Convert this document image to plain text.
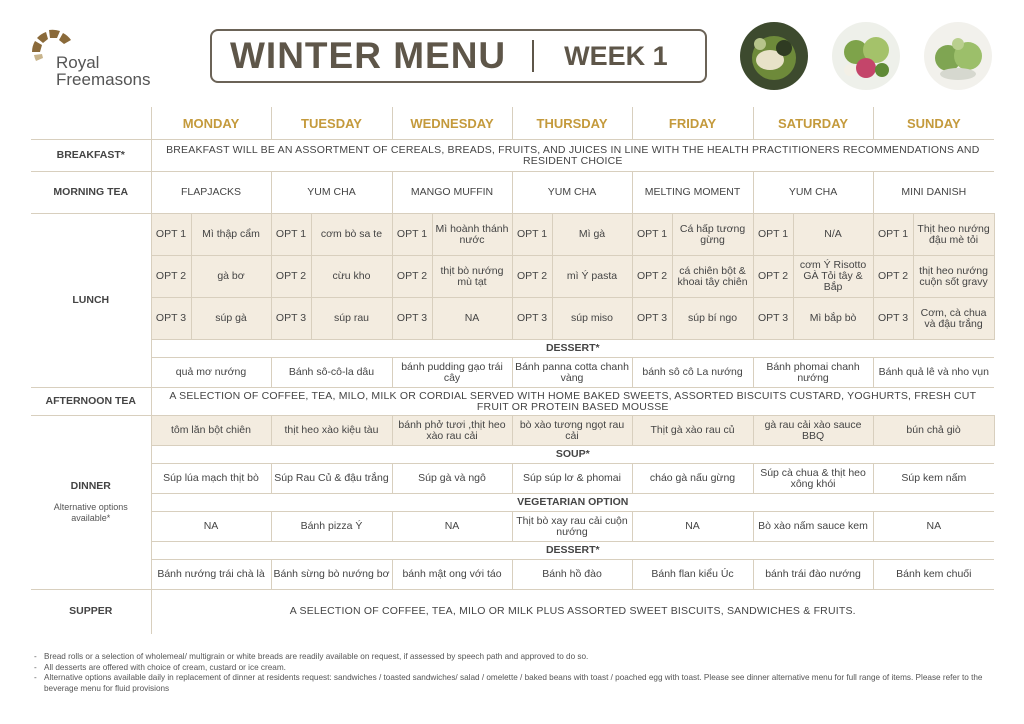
Royal
Freemasons
WINTER MENU WEEK 1
	MONDAY		TUESDAY		WEDNESDAY		THURSDAY		FRIDAY		SATURDAY		SUNDAY	
BREAKFAST*	BREAKFAST WILL BE AN ASSORTMENT OF CEREALS, BREADS, FRUITS, AND JUICES IN LINE WITH THE HEALTH PRACTITIONERS RECOMMENDATIONS AND RESIDENT CHOICE													
MORNING TEA	FLAPJACKS		YUM CHA		MANGO MUFFIN		YUM CHA		MELTING MOMENT		YUM CHA		MINI DANISH	
LUNCH	OPT 1	Mì thập cẩm	OPT 1	cơm bò sa te	OPT 1	Mì hoành thánh nước	OPT 1	Mì gà	OPT 1	Cá hấp tương gừng	OPT 1	N/A	OPT 1	Thịt heo nướng đậu mè tỏi
	OPT 2	gà bơ	OPT 2	cừu kho	OPT 2	thịt bò nướng mù tạt	OPT 2	mì Ý pasta	OPT 2	cá chiên bột & khoai tây chiên	OPT 2	cơm Ý Risotto GÀ Tỏi tây & Bắp	OPT 2	thịt heo nướng cuộn sốt gravy
	OPT 3	súp gà	OPT 3	súp rau	OPT 3	NA	OPT 3	súp miso	OPT 3	súp bí ngo	OPT 3	Mì bắp bò	OPT 3	Cơm, cà chua và đậu trắng
	DESSERT*													
	quả mơ nướng		Bánh sô-cô-la dâu		bánh pudding gạo trái cây		Bánh panna cotta chanh vàng		bánh sô cô La nướng		Bánh phomai chanh nướng		Bánh quả lê và nho vụn	
AFTERNOON TEA	A SELECTION OF COFFEE, TEA, MILO, MILK OR CORDIAL SERVED WITH HOME BAKED SWEETS, ASSORTED BISCUITS CUSTARD, YOGHURTS, FRESH CUT FRUIT OR PROTEIN BASED MOUSSE													
DINNER
Alternative options available*	tôm lăn bột chiên		thịt heo xào kiệu tàu		bánh phở tươi ,thịt heo xào rau cải		bò xào tương ngọt rau cải		Thịt gà xào rau củ		gà rau cải xào sauce BBQ		bún chả giò	
	SOUP*													
	Súp lúa mạch thịt bò		Súp Rau Củ & đậu trắng		Súp gà và ngô		Súp súp lơ & phomai		cháo gà nấu gừng		Súp cà chua & thịt heo xông khói		Súp kem nấm	
	VEGETARIAN OPTION													
	NA		Bánh pizza Ý		NA		Thịt bò xay rau cải cuộn nướng		NA		Bò xào nấm sauce kem		NA	
	DESSERT*													
	Bánh nướng trái chà là		Bánh sừng bò nướng bơ		bánh mật ong với táo		Bánh hồ đào		Bánh flan kiểu Úc		bánh trái đào nướng		Bánh kem chuối	

SUPPER	A SELECTION OF COFFEE, TEA, MILO OR MILK PLUS ASSORTED SWEET BISCUITS, SANDWICHES & FRUITS.													
- Bread rolls or a selection of wholemeal/ multigrain or white breads are readily available on request, if assessed by speech path and approved to do so.
- All desserts are offered with choice of cream, custard or ice cream.
- Alternative options available daily in replacement of dinner at residents request: sandwiches / toasted sandwiches/ salad / omelette / baked beans with toast / poached egg with toast. Please see dinner alternative menu for full range of items. Please refer to the beverage menu for fluid provisions
